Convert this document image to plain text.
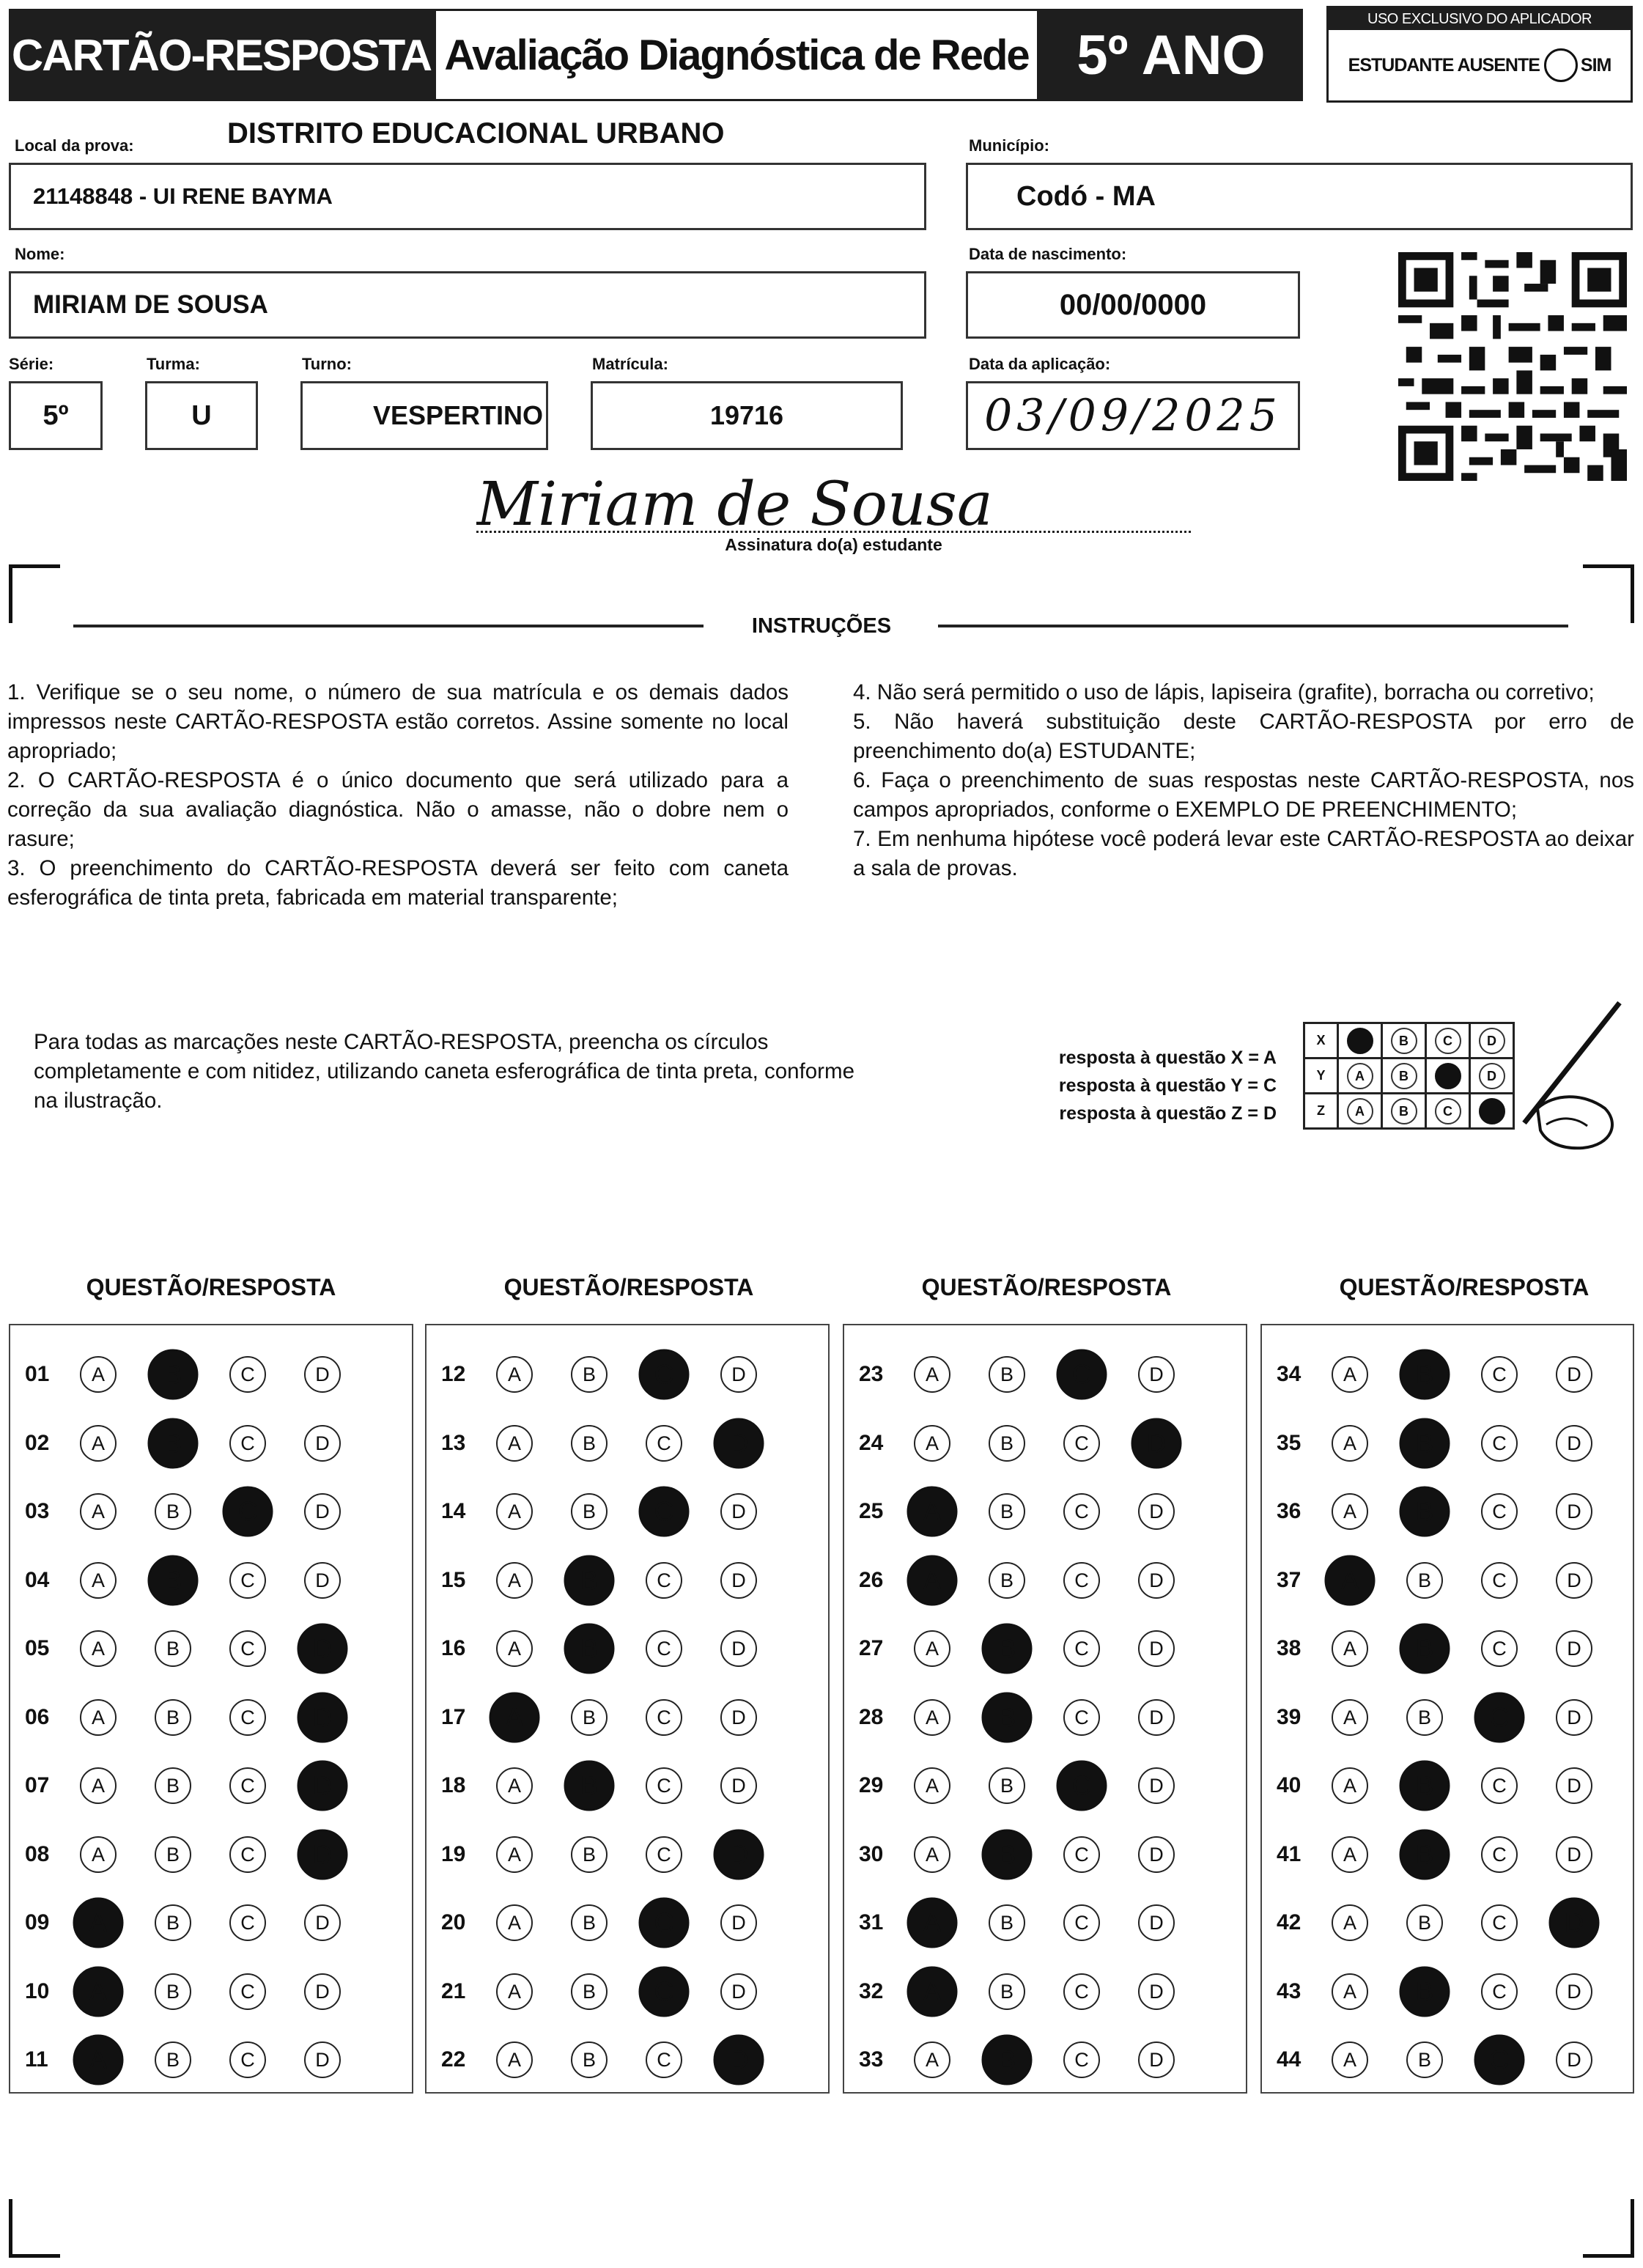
CARTÃO-RESPOSTA Avaliação Diagnóstica de Rede 5º ANO
USO EXCLUSIVO DO APLICADOR
ESTUDANTE AUSENTE SIM
Local da prova:	DISTRITO EDUCACIONAL URBANO
21148848 - UI RENE BAYMA
Município:
Codó - MA
Nome:
MIRIAM DE SOUSA
Data de nascimento:
00/00/0000
Série:
5º
Turma:
U
Turno:
VESPERTINO
Matrícula:
19716
Data da aplicação:
03/09/2025
Miriam de Sousa
Assinatura do(a) estudante
INSTRUÇÕES

1. Verifique se o seu nome, o número de sua matrícula e os demais dados impressos neste CARTÃO-RESPOSTA estão corretos. Assine somente no local apropriado;

2. O CARTÃO-RESPOSTA é o único documento que será utilizado para a correção da sua avaliação diagnóstica. Não o amasse, não o dobre nem o rasure;

3. O preenchimento do CARTÃO-RESPOSTA deverá ser feito com caneta esferográfica de tinta preta, fabricada em material transparente;

4. Não será permitido o uso de lápis, lapiseira (grafite), borracha ou corretivo;

5. Não haverá substituição deste CARTÃO-RESPOSTA por erro de preenchimento do(a) ESTUDANTE;

6. Faça o preenchimento de suas respostas neste CARTÃO-RESPOSTA, nos campos apropriados, conforme o EXEMPLO DE PREENCHIMENTO;

7. Em nenhuma hipótese você poderá levar este CARTÃO-RESPOSTA ao deixar a sala de provas.

Para todas as marcações neste CARTÃO-RESPOSTA, preencha os círculos completamente e com nitidez, utilizando caneta esferográfica de tinta preta, conforme na ilustração.
resposta à questão X = A
resposta à questão Y = C
resposta à questão Z = D
X		B	C	D
Y	A	B		D
Z	A	B	C	
QUESTÃO/RESPOSTA	QUESTÃO/RESPOSTA	QUESTÃO/RESPOSTA	QUESTÃO/RESPOSTA
01	A	B	C	D
02	A	B	C	D
03	A	B	C	D
04	A	B	C	D
05	A	B	C	D
06	A	B	C	D
07	A	B	C	D
08	A	B	C	D
09	A	B	C	D
10	A	B	C	D
11	A	B	C	D
12	A	B	C	D
13	A	B	C	D
14	A	B	C	D
15	A	B	C	D
16	A	B	C	D
17	A	B	C	D
18	A	B	C	D
19	A	B	C	D
20	A	B	C	D
21	A	B	C	D
22	A	B	C	D
23	A	B	C	D
24	A	B	C	D
25	A	B	C	D
26	A	B	C	D
27	A	B	C	D
28	A	B	C	D
29	A	B	C	D
30	A	B	C	D
31	A	B	C	D
32	A	B	C	D
33	A	B	C	D
34	A	B	C	D
35	A	B	C	D
36	A	B	C	D
37	A	B	C	D
38	A	B	C	D
39	A	B	C	D
40	A	B	C	D
41	A	B	C	D
42	A	B	C	D
43	A	B	C	D
44	A	B	C	D
